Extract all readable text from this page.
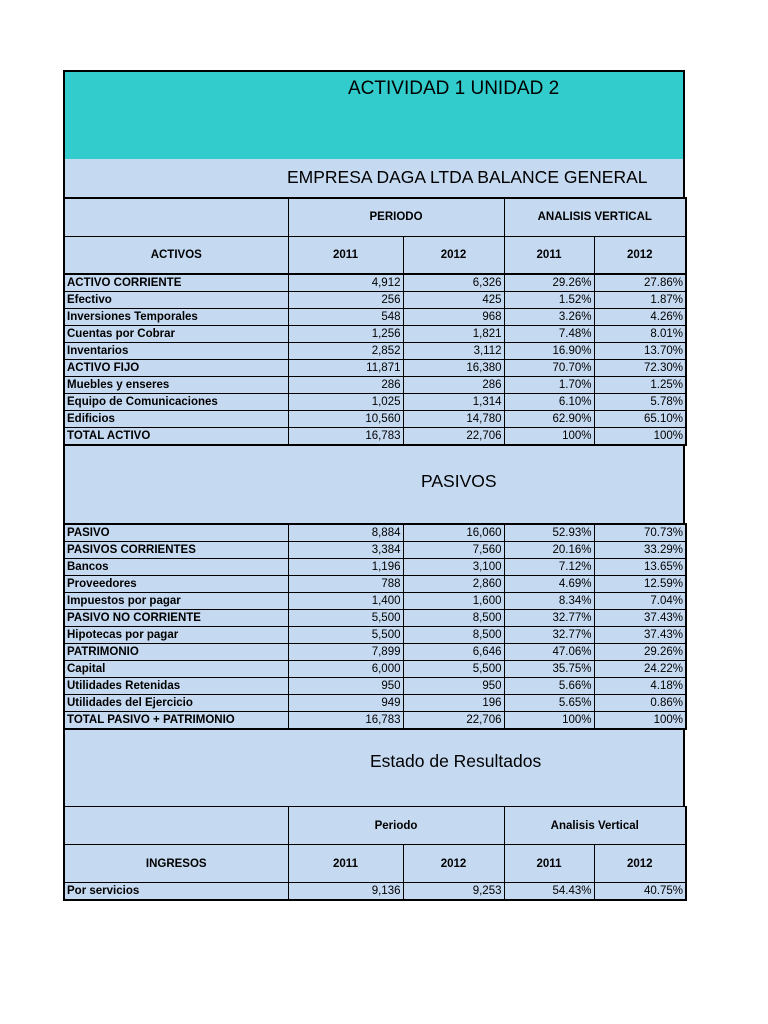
ACTIVIDAD 1 UNIDAD 2
EMPRESA DAGA LTDA BALANCE GENERAL
	PERIODO		ANALISIS VERTICAL	
ACTIVOS	2011	2012	2011	2012
ACTIVO CORRIENTE	4,912	6,326	29.26%	27.86%
Efectivo	256	425	1.52%	1.87%
Inversiones Temporales	548	968	3.26%	4.26%
Cuentas por Cobrar	1,256	1,821	7.48%	8.01%
Inventarios	2,852	3,112	16.90%	13.70%
ACTIVO FIJO	11,871	16,380	70.70%	72.30%
Muebles y enseres	286	286	1.70%	1.25%
Equipo de Comunicaciones	1,025	1,314	6.10%	5.78%
Edificios	10,560	14,780	62.90%	65.10%
TOTAL ACTIVO	16,783	22,706	100%	100%
PASIVOS
PASIVO	8,884	16,060	52.93%	70.73%
PASIVOS CORRIENTES	3,384	7,560	20.16%	33.29%
Bancos	1,196	3,100	7.12%	13.65%
Proveedores	788	2,860	4.69%	12.59%
Impuestos por pagar	1,400	1,600	8.34%	7.04%
PASIVO NO CORRIENTE	5,500	8,500	32.77%	37.43%
Hipotecas por pagar	5,500	8,500	32.77%	37.43%
PATRIMONIO	7,899	6,646	47.06%	29.26%
Capital	6,000	5,500	35.75%	24.22%
Utilidades Retenidas	950	950	5.66%	4.18%
Utilidades del Ejercicio	949	196	5.65%	0.86%
TOTAL PASIVO + PATRIMONIO	16,783	22,706	100%	100%
Estado de Resultados
	Periodo		Analisis Vertical	
INGRESOS	2011	2012	2011	2012
Por servicios	9,136	9,253	54.43%	40.75%
